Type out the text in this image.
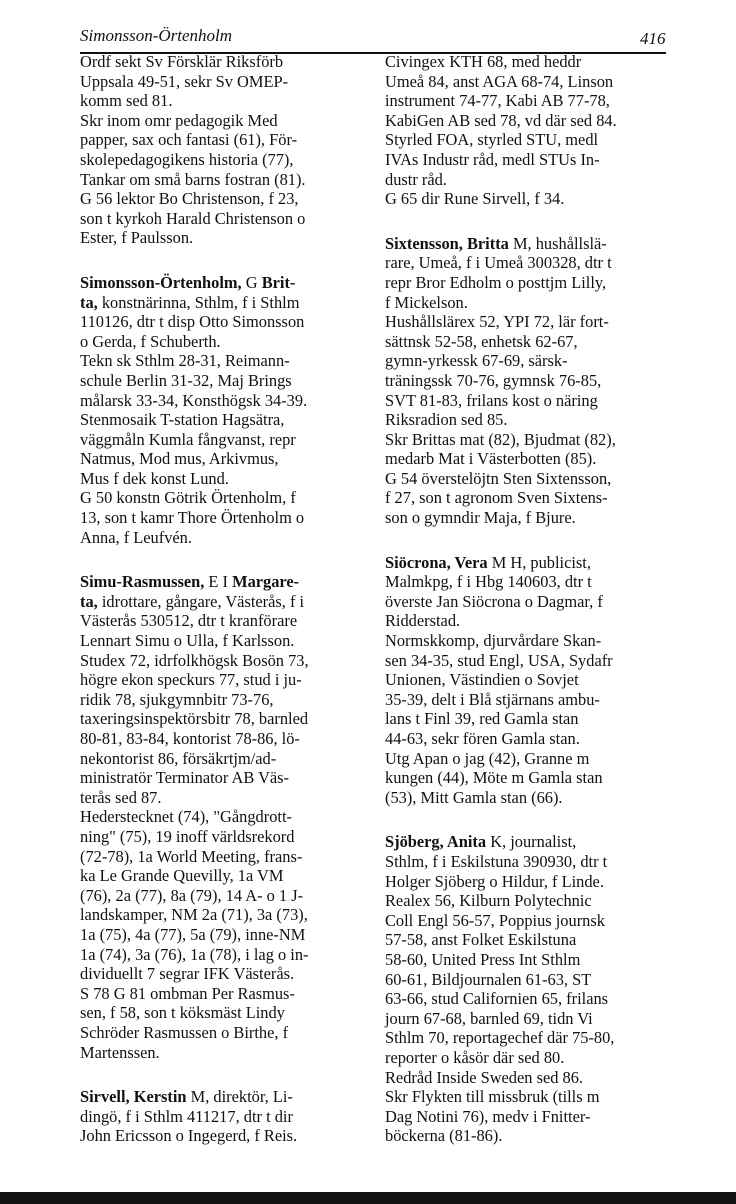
Simonsson-Örtenholm	416
Ordf sekt Sv Försklär Riksförb
Uppsala 49-51, sekr Sv OMEP-
komm sed 81.
Skr inom omr pedagogik Med
papper, sax och fantasi (61), För-
skolepedagogikens historia (77),
Tankar om små barns fostran (81).
G 56 lektor Bo Christenson, f 23,
son t kyrkoh Harald Christenson o
Ester, f Paulsson.
Simonsson-Örtenholm, G Brit-
ta, konstnärinna, Sthlm, f i Sthlm
110126, dtr t disp Otto Simonsson
o Gerda, f Schuberth.
Tekn sk Sthlm 28-31, Reimann-
schule Berlin 31-32, Maj Brings
målarsk 33-34, Konsthögsk 34-39.
Stenmosaik T-station Hagsätra,
väggmåln Kumla fångvanst, repr
Natmus, Mod mus, Arkivmus,
Mus f dek konst Lund.
G 50 konstn Götrik Örtenholm, f
13, son t kamr Thore Örtenholm o
Anna, f Leufvén.
Simu-Rasmussen, E I Margare-
ta, idrottare, gångare, Västerås, f i
Västerås 530512, dtr t kranförare
Lennart Simu o Ulla, f Karlsson.
Studex 72, idrfolkhögsk Bosön 73,
högre ekon speckurs 77, stud i ju-
ridik 78, sjukgymnbitr 73-76,
taxeringsinspektörsbitr 78, barnled
80-81, 83-84, kontorist 78-86, lö-
nekontorist 86, försäkrtjm/ad-
ministratör Terminator AB Väs-
terås sed 87.
Hederstecknet (74), "Gångdrott-
ning" (75), 19 inoff världsrekord
(72-78), 1a World Meeting, frans-
ka Le Grande Quevilly, 1a VM
(76), 2a (77), 8a (79), 14 A- o 1 J-
landskamper, NM 2a (71), 3a (73),
1a (75), 4a (77), 5a (79), inne-NM
1a (74), 3a (76), 1a (78), i lag o in-
dividuellt 7 segrar IFK Västerås.
S 78 G 81 ombman Per Rasmus-
sen, f 58, son t köksmäst Lindy
Schröder Rasmussen o Birthe, f
Martenssen.
Sirvell, Kerstin M, direktör, Li-
dingö, f i Sthlm 411217, dtr t dir
John Ericsson o Ingegerd, f Reis.
Civingex KTH 68, med heddr
Umeå 84, anst AGA 68-74, Linson
instrument 74-77, Kabi AB 77-78,
KabiGen AB sed 78, vd där sed 84.
Styrled FOA, styrled STU, medl
IVAs Industr råd, medl STUs In-
dustr råd.
G 65 dir Rune Sirvell, f 34.
Sixtensson, Britta M, hushållslä-
rare, Umeå, f i Umeå 300328, dtr t
repr Bror Edholm o posttjm Lilly,
f Mickelson.
Hushållslärex 52, YPI 72, lär fort-
sättnsk 52-58, enhetsk 62-67,
gymn-yrkessk 67-69, särsk-
träningssk 70-76, gymnsk 76-85,
SVT 81-83, frilans kost o näring
Riksradion sed 85.
Skr Brittas mat (82), Bjudmat (82),
medarb Mat i Västerbotten (85).
G 54 överstelöjtn Sten Sixtensson,
f 27, son t agronom Sven Sixtens-
son o gymndir Maja, f Bjure.
Siöcrona, Vera M H, publicist,
Malmkpg, f i Hbg 140603, dtr t
överste Jan Siöcrona o Dagmar, f
Ridderstad.
Normskkomp, djurvårdare Skan-
sen 34-35, stud Engl, USA, Sydafr
Unionen, Västindien o Sovjet
35-39, delt i Blå stjärnans ambu-
lans t Finl 39, red Gamla stan
44-63, sekr fören Gamla stan.
Utg Apan o jag (42), Granne m
kungen (44), Möte m Gamla stan
(53), Mitt Gamla stan (66).
Sjöberg, Anita K, journalist,
Sthlm, f i Eskilstuna 390930, dtr t
Holger Sjöberg o Hildur, f Linde.
Realex 56, Kilburn Polytechnic
Coll Engl 56-57, Poppius journsk
57-58, anst Folket Eskilstuna
58-60, United Press Int Sthlm
60-61, Bildjournalen 61-63, ST
63-66, stud Californien 65, frilans
journ 67-68, barnled 69, tidn Vi
Sthlm 70, reportagechef där 75-80,
reporter o kåsör där sed 80.
Redråd Inside Sweden sed 86.
Skr Flykten till missbruk (tills m
Dag Notini 76), medv i Fnitter-
böckerna (81-86).
